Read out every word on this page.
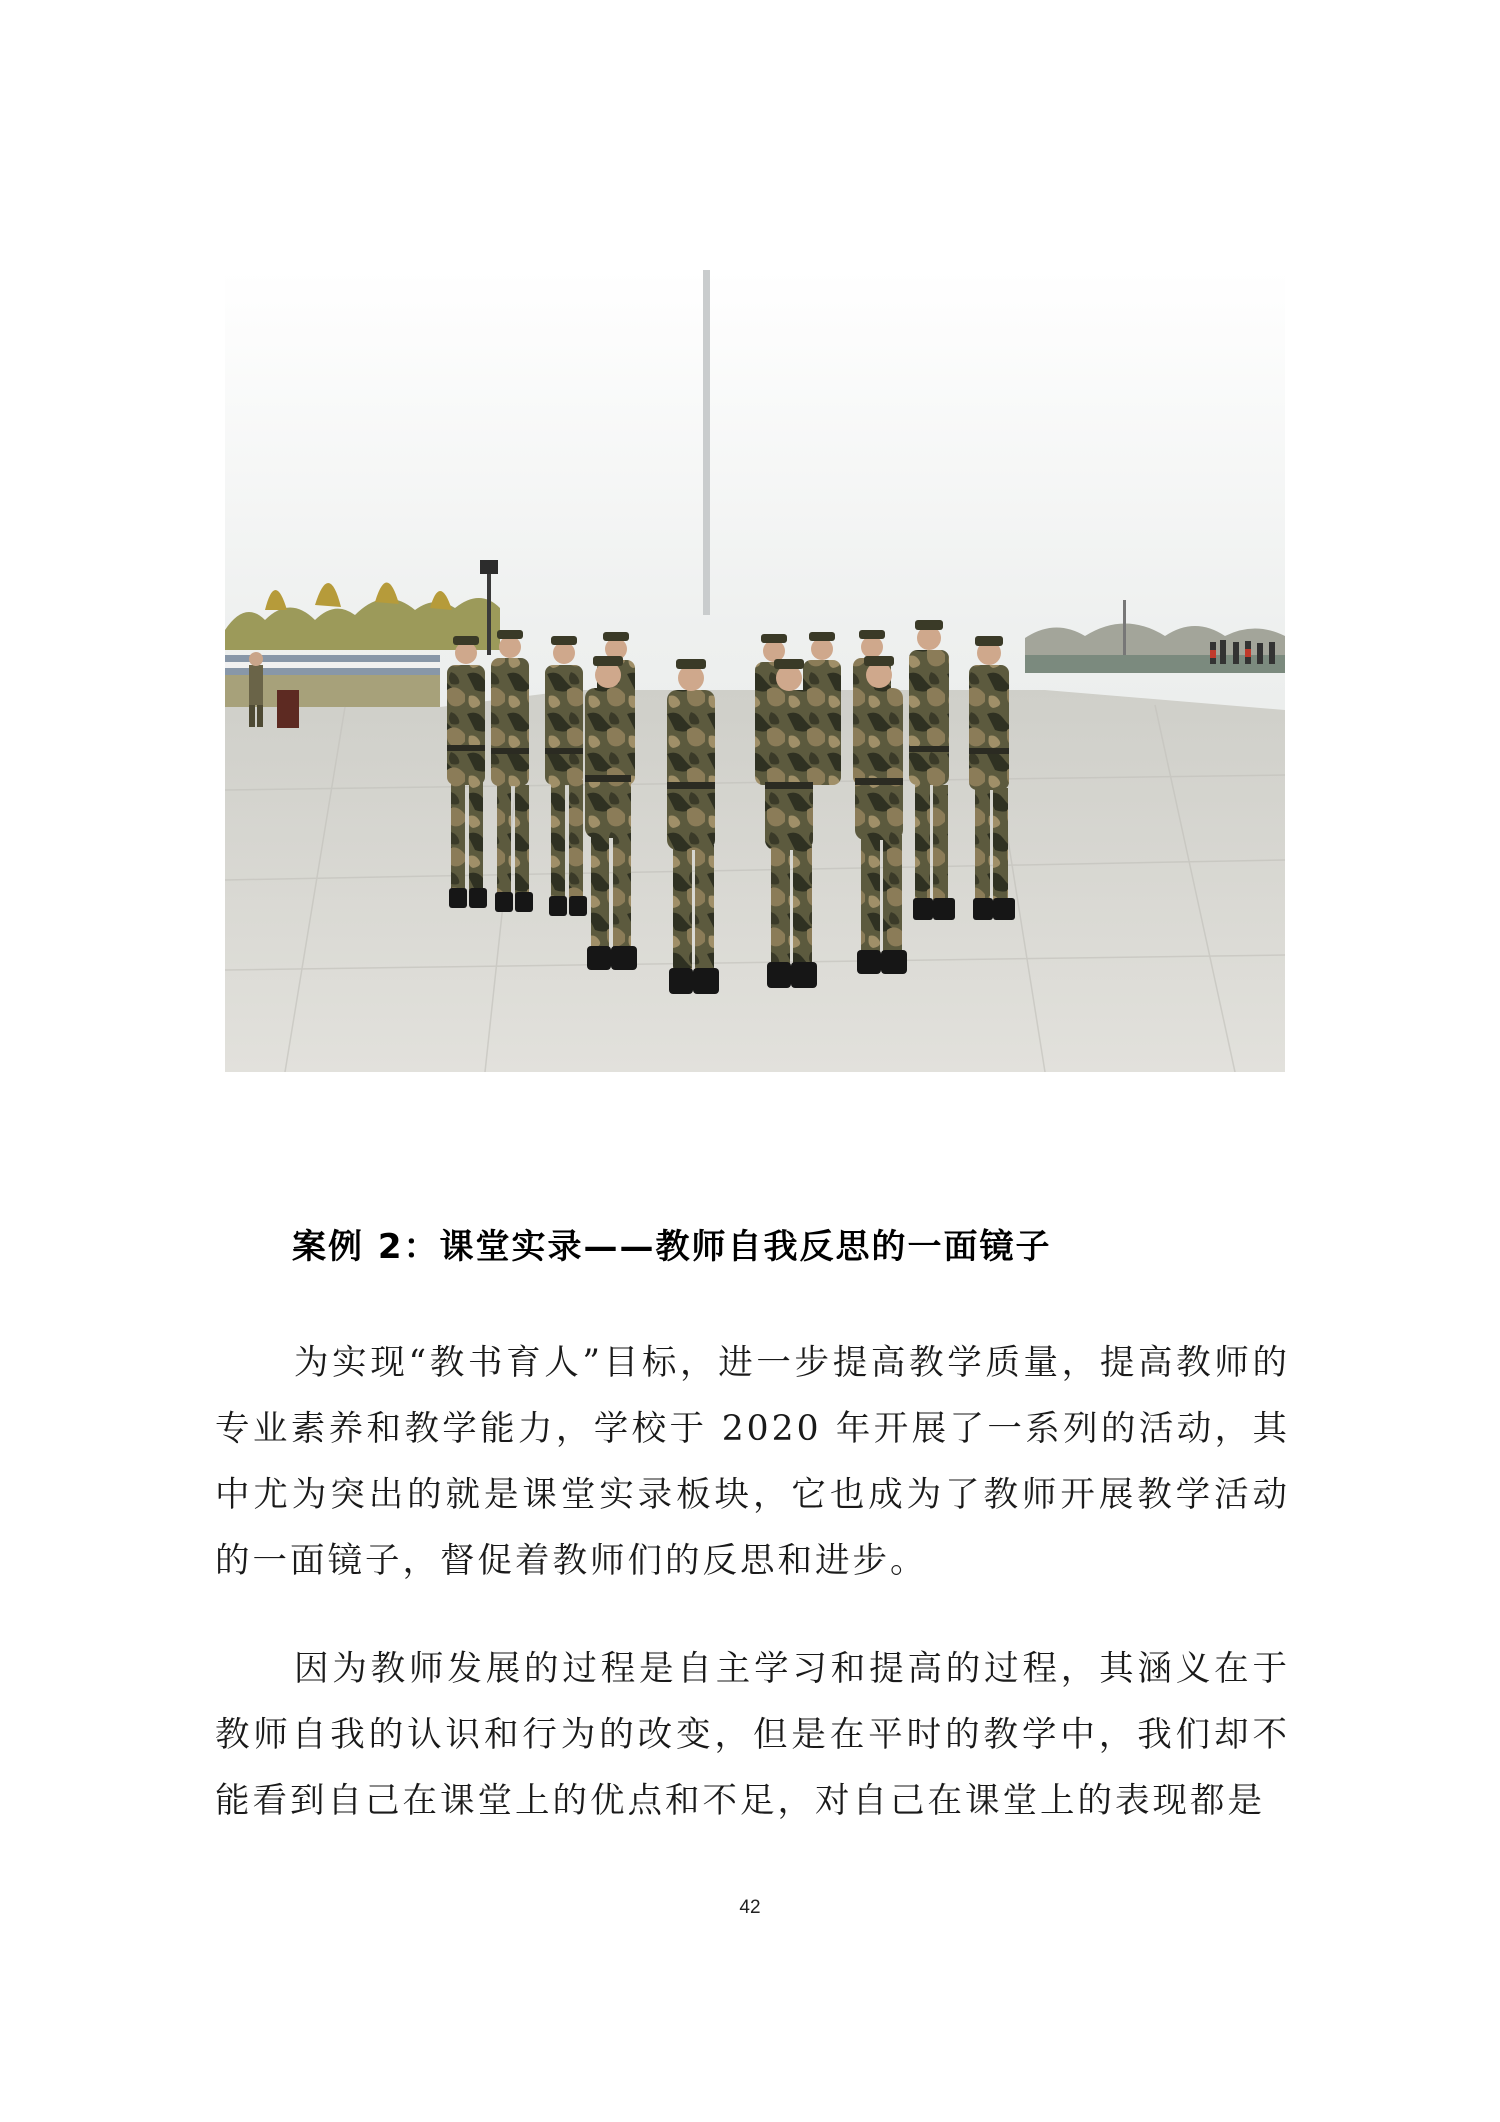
案例 2：课堂实录——教师自我反思的一面镜子

为实现“教书育人”目标，进一步提高教学质量，提高教师的专业素养和教学能力，学校于 2020 年开展了一系列的活动，其中尤为突出的就是课堂实录板块，它也成为了教师开展教学活动的一面镜子，督促着教师们的反思和进步。

因为教师发展的过程是自主学习和提高的过程，其涵义在于教师自我的认识和行为的改变，但是在平时的教学中，我们却不能看到自己在课堂上的优点和不足，对自己在课堂上的表现都是

42
